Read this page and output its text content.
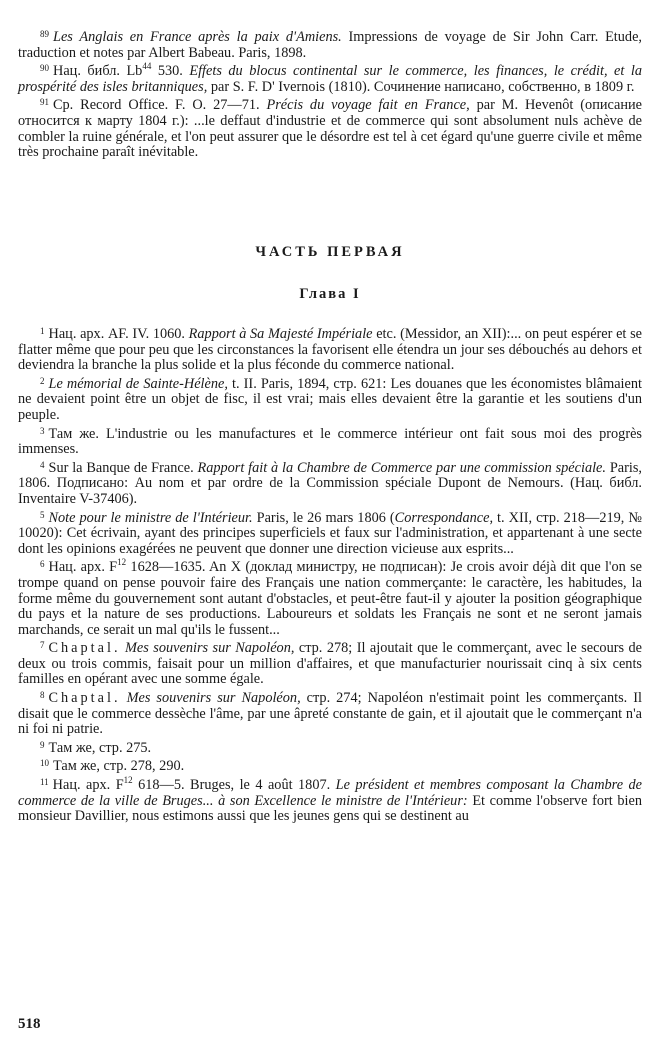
$^{89}$ Les Anglais en France après la paix d'Amiens. Impressions de voyage de Sir John Carr. Etude, traduction et notes par Albert Babeau. Paris, 1898.

$^{90}$ Нац. библ. Lb$^{44}$ 530. Effets du blocus continental sur le commerce, les finances, le crédit, et la prospérité des isles britanniques, par S. F. D' Ivernois (1810). Сочинение написано, собственно, в 1809 г.

$^{91}$ Ср. Record Office. F. O. 27—71. Précis du voyage fait en France, par M. Hevenôt (описание относится к марту 1804 г.): ...le deffaut d'industrie et de commerce qui sont absolument nuls achève de combler la ruine générale, et l'on peut assurer que le désordre est tel à cet égard qu'une guerre civile et même très prochaine paraît inévitable.

ЧАСТЬ ПЕРВАЯ
Глава I

$^1$ Нац. арх. AF. IV. 1060. Rapport à Sa Majesté Impériale etc. (Messidor, an XII):... on peut espérer et se flatter même que pour peu que les circonstances la favorisent elle étendra un jour ses débouchés au dehors et deviendra la branche la plus solide et la plus féconde du commerce national.

$^2$ Le mémorial de Sainte-Hélène, t. II. Paris, 1894, стр. 621: Les douanes que les économistes blâmaient ne devaient point être un objet de fisc, il est vrai; mais elles devaient être la garantie et les soutiens d'un peuple.

$^3$ Там же. L'industrie ou les manufactures et le commerce intérieur ont fait sous moi des progrès immenses.

$^4$ Sur la Banque de France. Rapport fait à la Chambre de Commerce par une commission spéciale. Paris, 1806. Подписано: Au nom et par ordre de la Commission spéciale Dupont de Nemours. (Нац. библ. Inventaire V-37406).

$^5$ Note pour le ministre de l'Intérieur. Paris, le 26 mars 1806 (Correspondance, t. XII, стр. 218—219, № 10020): Cet écrivain, ayant des principes superficiels et faux sur l'administration, et appartenant à une secte dont les opinions exagérées ne peuvent que donner une direction vicieuse aux esprits...

$^6$ Нац. арх. $F^{12}$ 1628—1635. An X (доклад министру, не подписан): Je crois avoir déjà dit que l'on se trompe quand on pense pouvoir faire des Français une nation commerçante: le caractère, les habitudes, la forme même du gouvernement sont autant d'obstacles, et peut-être faut-il y ajouter la position géographique du pays et la nature de ses productions. Laboureurs et soldats les Français ne sont et ne seront jamais marchands, ce serait un mal qu'ils le fussent...

$^7$ Chaptal. Mes souvenirs sur Napoléon, стр. 278; Il ajoutait que le commerçant, avec le secours de deux ou trois commis, faisait pour un million d'affaires, et que manufacturier nourissait cinq à six cents familles en opérant avec une somme égale.

$^8$ Chaptal. Mes souvenirs sur Napoléon, стр. 274; Napoléon n'estimait point les commerçants. Il disait que le commerce dessèche l'âme, par une âpreté constante de gain, et il ajoutait que le commerçant n'a ni foi ni patrie.

$^9$ Там же, стр. 275.

$^{10}$ Там же, стр. 278, 290.

$^{11}$ Нац. арх. $F^{12}$ 618—5. Bruges, le 4 août 1807. Le président et membres composant la Chambre de commerce de la ville de Bruges... à son Excellence le ministre de l'Intérieur: Et comme l'observe fort bien monsieur Davillier, nous estimons aussi que les jeunes gens qui se destinent au

518
